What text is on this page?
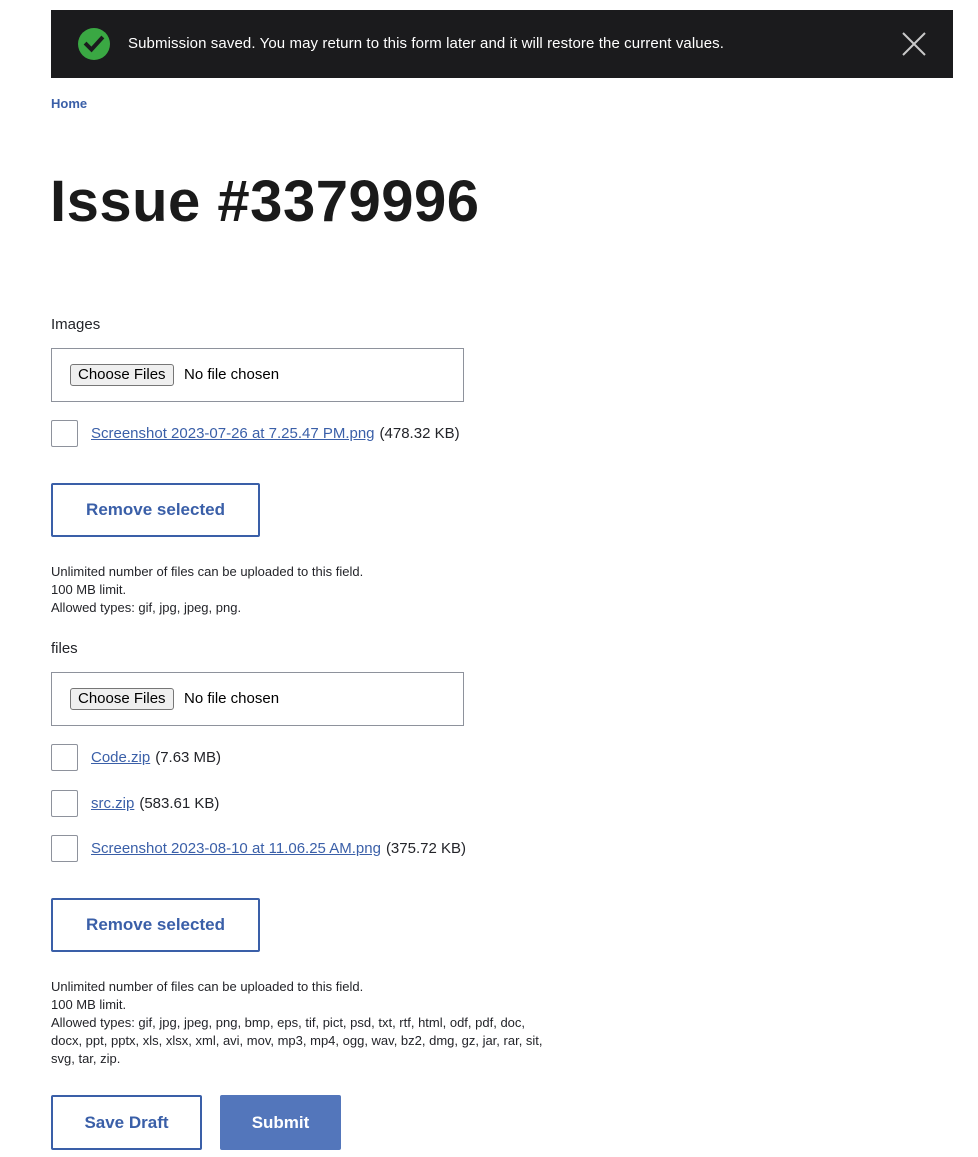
Submission saved. You may return to this form later and it will restore the current values.
Home
Issue #3379996
Images
Choose Files	No file chosen
Screenshot 2023-07-26 at 7.25.47 PM.png (478.32 KB)
Remove selected
Unlimited number of files can be uploaded to this field.
100 MB limit.
Allowed types: gif, jpg, jpeg, png.
files
Choose Files	No file chosen
Code.zip (7.63 MB)
src.zip (583.61 KB)
Screenshot 2023-08-10 at 11.06.25 AM.png (375.72 KB)
Remove selected
Unlimited number of files can be uploaded to this field.
100 MB limit.
Allowed types: gif, jpg, jpeg, png, bmp, eps, tif, pict, psd, txt, rtf, html, odf, pdf, doc,
docx, ppt, pptx, xls, xlsx, xml, avi, mov, mp3, mp4, ogg, wav, bz2, dmg, gz, jar, rar, sit,
svg, tar, zip.
Save Draft	Submit
